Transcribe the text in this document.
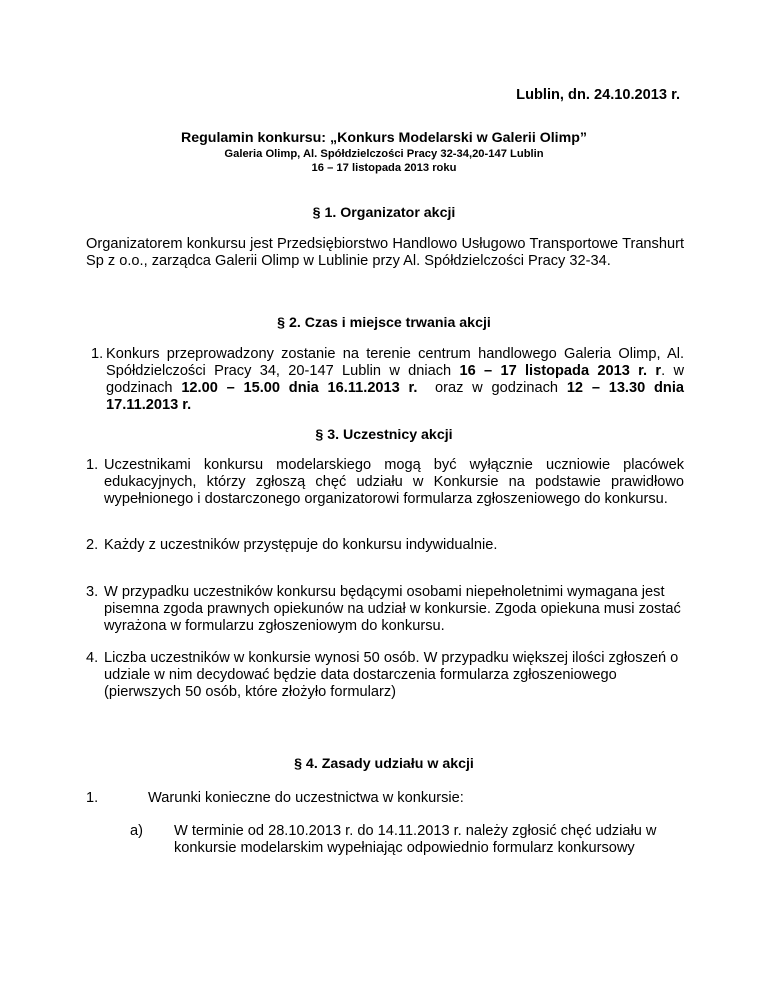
Lublin, dn. 24.10.2013 r.

Regulamin konkursu: „Konkurs Modelarski w Galerii Olimp”

Galeria Olimp, Al. Spółdzielczości Pracy 32-34,20-147 Lublin

16 – 17 listopada 2013 roku

§ 1. Organizator akcji

Organizatorem konkursu jest Przedsiębiorstwo Handlowo Usługowo Transportowe Transhurt Sp z o.o., zarządca Galerii Olimp w Lublinie przy Al. Spółdzielczości Pracy 32-34.

§ 2. Czas i miejsce trwania akcji

1. Konkurs przeprowadzony zostanie na terenie centrum handlowego Galeria Olimp, Al. Spółdzielczości Pracy 34, 20-147 Lublin w dniach 16 – 17 listopada 2013 r. r. w godzinach 12.00 – 15.00 dnia 16.11.2013 r.  oraz w godzinach 12 – 13.30 dnia 17.11.2013 r.

§ 3. Uczestnicy akcji

1. Uczestnikami konkursu modelarskiego mogą być wyłącznie uczniowie placówek edukacyjnych, którzy zgłoszą chęć udziału w Konkursie na podstawie prawidłowo wypełnionego i dostarczonego organizatorowi formularza zgłoszeniowego do konkursu.
2. Każdy z uczestników przystępuje do konkursu indywidualnie.
3. W przypadku uczestników konkursu będącymi osobami niepełnoletnimi wymagana jest pisemna zgoda prawnych opiekunów na udział w konkursie. Zgoda opiekuna musi zostać wyrażona w formularzu zgłoszeniowym do konkursu.
4. Liczba uczestników w konkursie wynosi 50 osób. W przypadku większej ilości zgłoszeń o udziale w nim decydować będzie data dostarczenia formularza zgłoszeniowego (pierwszych 50 osób, które złożyło formularz)

§ 4. Zasady udziału w akcji

1.	Warunki konieczne do uczestnictwa w konkursie:
a) W terminie od 28.10.2013 r. do 14.11.2013 r. należy zgłosić chęć udziału w konkursie modelarskim wypełniając odpowiednio formularz konkursowy
